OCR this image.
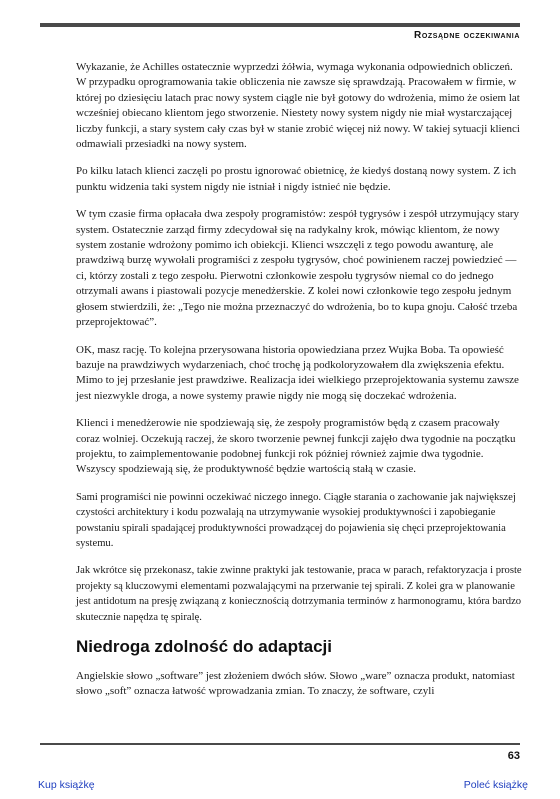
Rozsądne oczekiwania

Wykazanie, że Achilles ostatecznie wyprzedzi żółwia, wymaga wykonania odpowiednich obliczeń. W przypadku oprogramowania takie obliczenia nie zawsze się sprawdzają. Pracowałem w firmie, w której po dziesięciu latach prac nowy system ciągle nie był gotowy do wdrożenia, mimo że osiem lat wcześniej obiecano klientom jego stworzenie. Niestety nowy system nigdy nie miał wystarczającej liczby funkcji, a stary system cały czas był w stanie zrobić więcej niż nowy. W takiej sytuacji klienci odmawiali przesiadki na nowy system.

Po kilku latach klienci zaczęli po prostu ignorować obietnicę, że kiedyś dostaną nowy system. Z ich punktu widzenia taki system nigdy nie istniał i nigdy istnieć nie będzie.

W tym czasie firma opłacała dwa zespoły programistów: zespół tygrysów i zespół utrzymujący stary system. Ostatecznie zarząd firmy zdecydował się na radykalny krok, mówiąc klientom, że nowy system zostanie wdrożony pomimo ich obiekcji. Klienci wszczęli z tego powodu awanturę, ale prawdziwą burzę wywołali programiści z zespołu tygrysów, choć powinienem raczej powiedzieć — ci, którzy zostali z tego zespołu. Pierwotni członkowie zespołu tygrysów niemal co do jednego otrzymali awans i piastowali pozycje menedżerskie. Z kolei nowi członkowie tego zespołu jednym głosem stwierdzili, że: „Tego nie można przeznaczyć do wdrożenia, bo to kupa gnoju. Całość trzeba przeprojektować”.

OK, masz rację. To kolejna przerysowana historia opowiedziana przez Wujka Boba. Ta opowieść bazuje na prawdziwych wydarzeniach, choć trochę ją podkoloryzowałem dla zwiększenia efektu. Mimo to jej przesłanie jest prawdziwe. Realizacja idei wielkiego przeprojektowania systemu zawsze jest niezwykle droga, a nowe systemy prawie nigdy nie mogą się doczekać wdrożenia.

Klienci i menedżerowie nie spodziewają się, że zespoły programistów będą z czasem pracowały coraz wolniej. Oczekują raczej, że skoro tworzenie pewnej funkcji zajęło dwa tygodnie na początku projektu, to zaimplementowanie podobnej funkcji rok później również zajmie dwa tygodnie. Wszyscy spodziewają się, że produktywność będzie wartością stałą w czasie.

Sami programiści nie powinni oczekiwać niczego innego. Ciągłe starania o zachowanie jak największej czystości architektury i kodu pozwalają na utrzymywanie wysokiej produktywności i zapobieganie powstaniu spirali spadającej produktywności prowadzącej do pojawienia się chęci przeprojektowania systemu.

Jak wkrótce się przekonasz, takie zwinne praktyki jak testowanie, praca w parach, refaktoryzacja i proste projekty są kluczowymi elementami pozwalającymi na przerwanie tej spirali. Z kolei gra w planowanie jest antidotum na presję związaną z koniecznością dotrzymania terminów z harmonogramu, która bardzo skutecznie napędza tę spiralę.

Niedroga zdolność do adaptacji

Angielskie słowo „software” jest złożeniem dwóch słów. Słowo „ware” oznacza produkt, natomiast słowo „soft” oznacza łatwość wprowadzania zmian. To znaczy, że software, czyli

63
Kup książkę	Poleć książkę
